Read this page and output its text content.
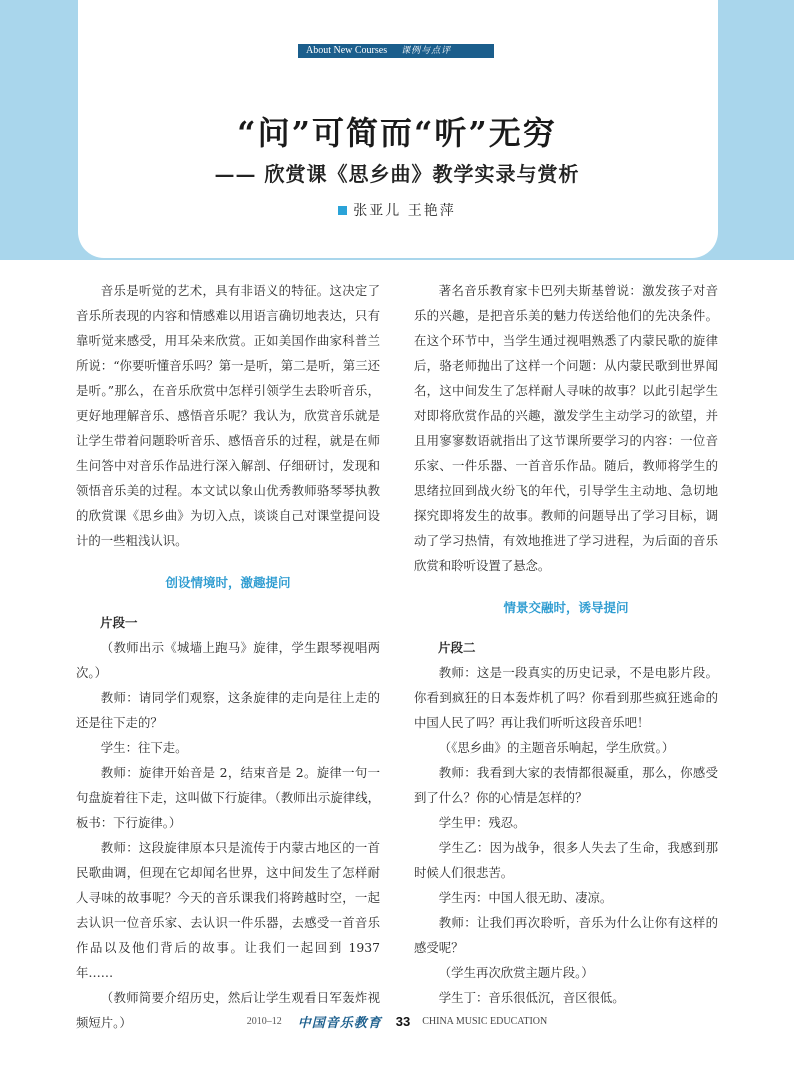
About New Courses 课例与点评
“问”可简而“听”无穷
—— 欣赏课《思乡曲》教学实录与赏析
张亚儿 王艳萍

音乐是听觉的艺术，具有非语义的特征。这决定了音乐所表现的内容和情感难以用语言确切地表达，只有靠听觉来感受，用耳朵来欣赏。正如美国作曲家科普兰所说：“你要听懂音乐吗？第一是听，第二是听，第三还是听。”那么，在音乐欣赏中怎样引领学生去聆听音乐，更好地理解音乐、感悟音乐呢？我认为，欣赏音乐就是让学生带着问题聆听音乐、感悟音乐的过程，就是在师生问答中对音乐作品进行深入解剖、仔细研讨，发现和领悟音乐美的过程。本文试以象山优秀教师骆琴琴执教的欣赏课《思乡曲》为切入点，谈谈自己对课堂提问设计的一些粗浅认识。

创设情境时，激趣提问

片段一

（教师出示《城墙上跑马》旋律，学生跟琴视唱两次。）

教师：请同学们观察，这条旋律的走向是往上走的还是往下走的？

学生：往下走。

教师：旋律开始音是 2，结束音是 2。旋律一句一句盘旋着往下走，这叫做下行旋律。（教师出示旋律线，板书：下行旋律。）

教师：这段旋律原本只是流传于内蒙古地区的一首民歌曲调，但现在它却闻名世界，这中间发生了怎样耐人寻味的故事呢？今天的音乐课我们将跨越时空，一起去认识一位音乐家、去认识一件乐器，去感受一首音乐作品以及他们背后的故事。让我们一起回到 1937 年……

（教师简要介绍历史，然后让学生观看日军轰炸视频短片。）

著名音乐教育家卡巴列夫斯基曾说：激发孩子对音乐的兴趣，是把音乐美的魅力传送给他们的先决条件。在这个环节中，当学生通过视唱熟悉了内蒙民歌的旋律后，骆老师抛出了这样一个问题：从内蒙民歌到世界闻名，这中间发生了怎样耐人寻味的故事？以此引起学生对即将欣赏作品的兴趣，激发学生主动学习的欲望，并且用寥寥数语就指出了这节课所要学习的内容：一位音乐家、一件乐器、一首音乐作品。随后，教师将学生的思绪拉回到战火纷飞的年代，引导学生主动地、急切地探究即将发生的故事。教师的问题导出了学习目标，调动了学习热情，有效地推进了学习进程，为后面的音乐欣赏和聆听设置了悬念。

情景交融时，诱导提问

片段二

教师：这是一段真实的历史记录，不是电影片段。你看到疯狂的日本轰炸机了吗？你看到那些疯狂逃命的中国人民了吗？再让我们听听这段音乐吧！

（《思乡曲》的主题音乐响起，学生欣赏。）

教师：我看到大家的表情都很凝重，那么，你感受到了什么？你的心情是怎样的？

学生甲：残忍。

学生乙：因为战争，很多人失去了生命，我感到那时候人们很悲苦。

学生丙：中国人很无助、凄凉。

教师：让我们再次聆听，音乐为什么让你有这样的感受呢？

（学生再次欣赏主题片段。）

学生丁：音乐很低沉，音区很低。

2010–12 中国音乐教育 33 CHINA MUSIC EDUCATION
